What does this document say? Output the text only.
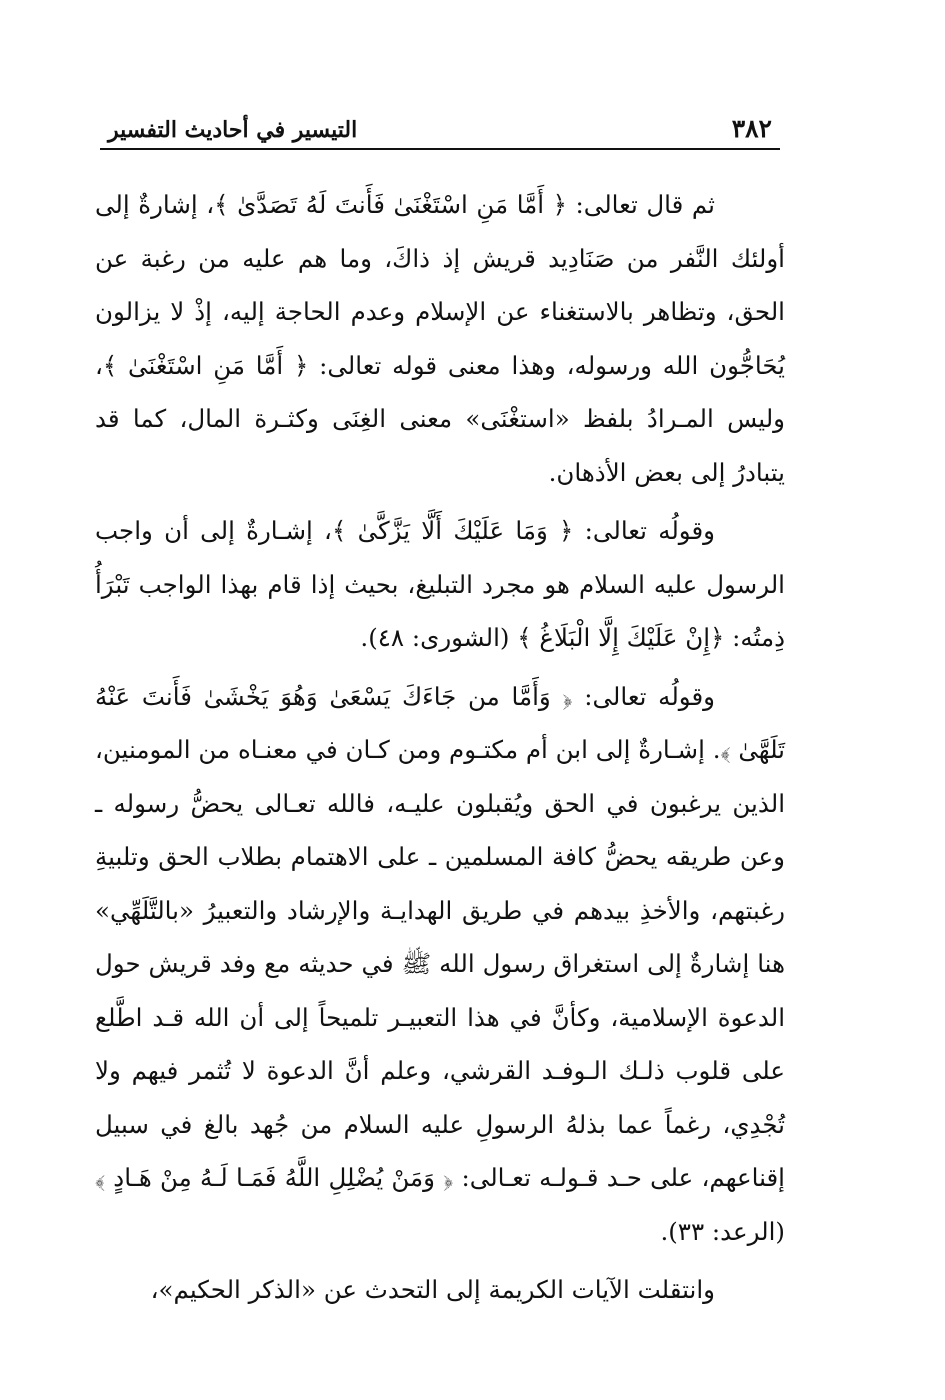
٣٨٢
التيسير في أحاديث التفسير

ثم قال تعالى: ﴿ أَمَّا مَنِ اسْتَغْنَىٰ فَأَنتَ لَهُ تَصَدَّىٰ ﴾، إشارةٌ إلى أولئك النَّفر من صَنَادِيد قريش إذ ذاكَ، وما هم عليه من رغبة عن الحق، وتظاهر بالاستغناء عن الإسلام وعدم الحاجة إليه، إذْ لا يزالون يُحَاجُّون الله ورسوله، وهذا معنى قوله تعالى: ﴿ أَمَّا مَنِ اسْتَغْنَىٰ ﴾، وليس المـرادُ بلفظ «استغْنَى» معنى الغِنَى وكثـرة المال، كما قد يتبادرُ إلى بعض الأذهان.

وقولُه تعالى: ﴿ وَمَا عَلَيْكَ أَلَّا يَزَّكَّىٰ ﴾، إشـارةٌ إلى أن واجب الرسول عليه السلام هو مجرد التبليغ، بحيث إذا قام بهذا الواجب تَبْرَأُ ذِمتُه: ﴿إِنْ عَلَيْكَ إِلَّا الْبَلَاغُ ﴾ (الشورى: ٤٨).

وقولُه تعالى: ﴿ وَأَمَّا من جَاءَكَ يَسْعَىٰ وَهُوَ يَخْشَىٰ فَأَنتَ عَنْهُ تَلَهَّىٰ ﴾. إشـارةٌ إلى ابن أم مكتـوم ومن كـان في معنـاه من المومنين، الذين يرغبون في الحق ويُقبلون عليـه، فالله تعـالى يحضُّ رسوله ـ وعن طريقه يحضُّ كافة المسلمين ـ على الاهتمام بطلاب الحق وتلبيةِ رغبتهم، والأخذِ بيدهم في طريق الهدايـة والإرشاد والتعبيرُ «بالتَّلَهِّي» هنا إشارةٌ إلى استغراق رسول الله ﷺ في حديثه مع وفد قريش حول الدعوة الإسلامية، وكأنَّ في هذا التعبيـر تلميحاً إلى أن الله قـد اطَّلع على قلوب ذلـك الـوفـد القرشي، وعلم أنَّ الدعوة لا تُثمر فيهم ولا تُجْدِي، رغماً عما بذلهُ الرسولِ عليه السلام من جُهد بالغ في سبيل إقناعهم، على حـد قـولـه تعـالى: ﴿ وَمَنْ يُضْلِلِ اللَّهُ فَمَـا لَـهُ مِنْ هَـادٍ ﴾ (الرعد: ٣٣).

وانتقلت الآيات الكريمة إلى التحدث عن «الذكر الحكيم»،
